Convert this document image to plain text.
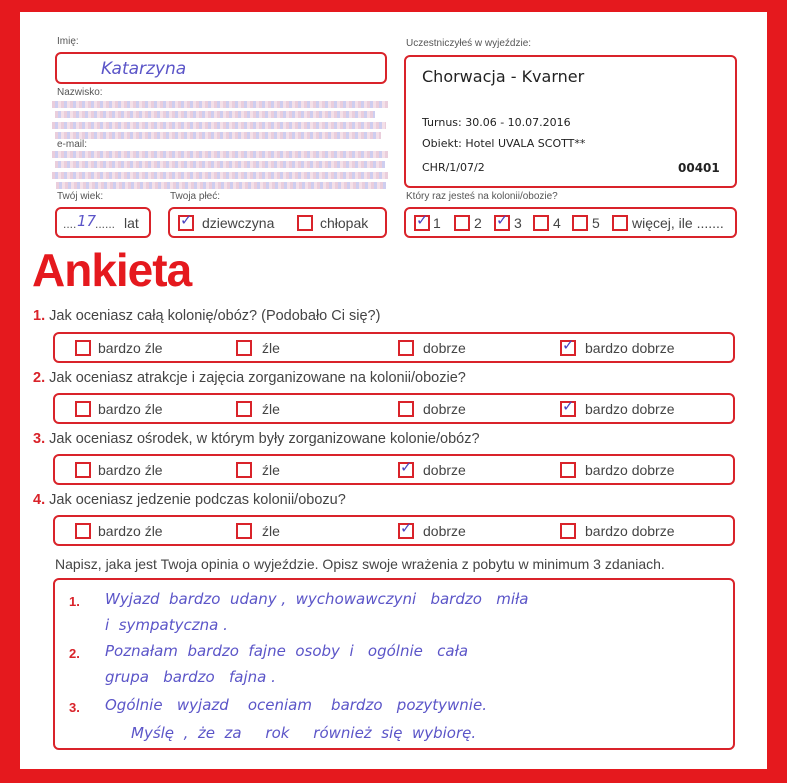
Imię:
Katarzyna
Nazwisko:
e-mail:
Uczestniczyłeś w wyjeździe:
Chorwacja - Kvarner
Turnus: 30.06 - 10.07.2016
Obiekt: Hotel UVALA SCOTT**
CHR/1/07/2	00401
Twój wiek:
.... 17
...... lat
Twoja płeć:
✓ dziewczyna	chłopak
Który raz jesteś na kolonii/obozie?
✓ 1 2 ✓ 3 4 5 więcej, ile .......
Ankieta
1. Jak oceniasz całą kolonię/obóz? (Podobało Ci się?)
bardzo źle	źle	dobrze	✓ bardzo dobrze
2. Jak oceniasz atrakcje i zajęcia zorganizowane na kolonii/obozie?
bardzo źle	źle	dobrze	✓ bardzo dobrze
3. Jak oceniasz ośrodek, w którym były zorganizowane kolonie/obóz?
bardzo źle	źle	✓ dobrze	bardzo dobrze
4. Jak oceniasz jedzenie podczas kolonii/obozu?
bardzo źle	źle	✓ dobrze	bardzo dobrze
Napisz, jaka jest Twoja opinia o wyjeździe. Opisz swoje wrażenia z pobytu w minimum 3 zdaniach.
1.
2.
3.
Wyjazd  bardzo  udany ,  wychowawczyni   bardzo   miła
i  sympatyczna .
Poznałam  bardzo  fajne  osoby  i   ogólnie   cała
grupa   bardzo   fajna .
Ogólnie   wyjazd    oceniam    bardzo   pozytywnie.
Myślę  ,  że  za     rok     również  się  wybiorę.
